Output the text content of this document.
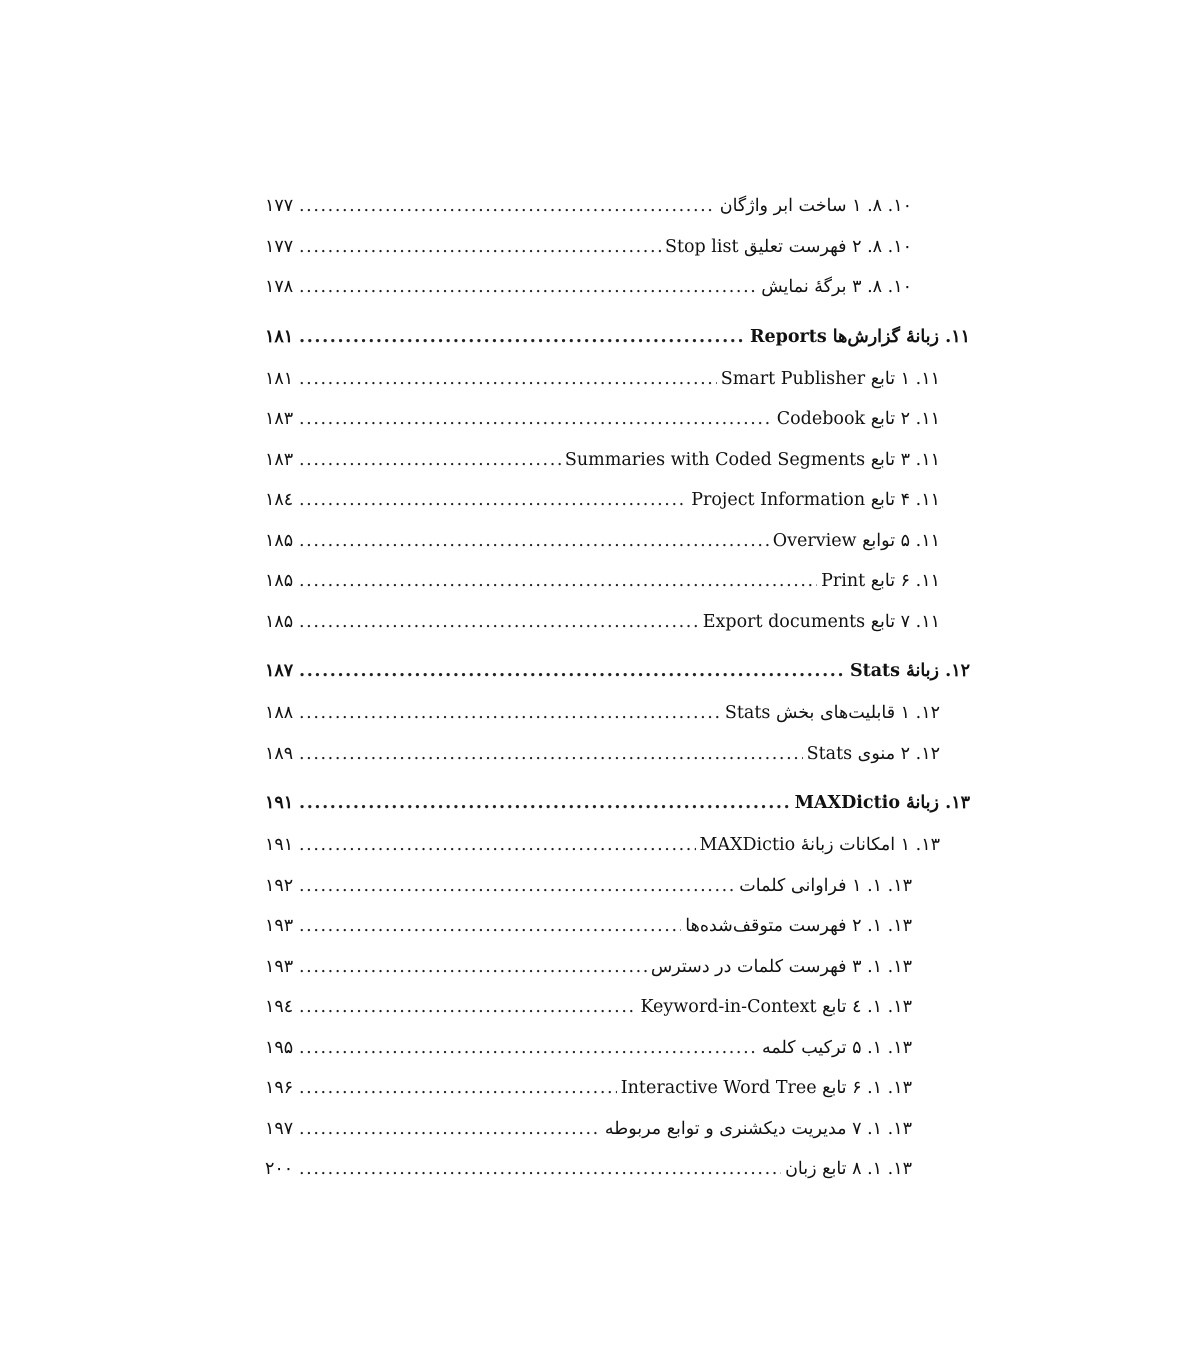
۱۰. ۸. ۱ ساخت ابر واژگان
.....
۱۷۷
۱۰. ۸. ۲ فهرست تعلیق Stop list
.....
۱۷۷
۱۰. ۸. ۳ برگهٔ نمایش
.....
۱۷۸
۱۱. زبانهٔ گزارش‌ها Reports
.....
۱۸۱
۱۱. ۱ تابع Smart Publisher
.....
۱۸۱
۱۱. ۲ تابع Codebook
.....
۱۸۳
۱۱. ۳ تابع Summaries with Coded Segments
.....
۱۸۳
۱۱. ۴ تابع Project Information
.....
۱۸٤
۱۱. ۵ توابع Overview
.....
۱۸۵
۱۱. ۶ تابع Print
.....
۱۸۵
۱۱. ۷ تابع Export documents
.....
۱۸۵
۱۲. زبانهٔ Stats
.....
۱۸۷
۱۲. ۱ قابلیت‌های بخش Stats
.....
۱۸۸
۱۲. ۲ منوی Stats
.....
۱۸۹
۱۳. زبانهٔ MAXDictio
.....
۱۹۱
۱۳. ۱ امکانات زبانهٔ MAXDictio
.....
۱۹۱
۱۳. ۱. ۱ فراوانی کلمات
.....
۱۹۲
۱۳. ۱. ۲ فهرست متوقف‌شده‌ها
.....
۱۹۳
۱۳. ۱. ۳ فهرست کلمات در دسترس
.....
۱۹۳
۱۳. ۱. ٤ تابع Keyword-in-Context
.....
۱۹٤
۱۳. ۱. ۵ ترکیب کلمه
.....
۱۹۵
۱۳. ۱. ۶ تابع Interactive Word Tree
.....
۱۹۶
۱۳. ۱. ۷ مدیریت دیکشنری و توابع مربوطه
.....
۱۹۷
۱۳. ۱. ۸ تابع زبان
.....
۲۰۰
